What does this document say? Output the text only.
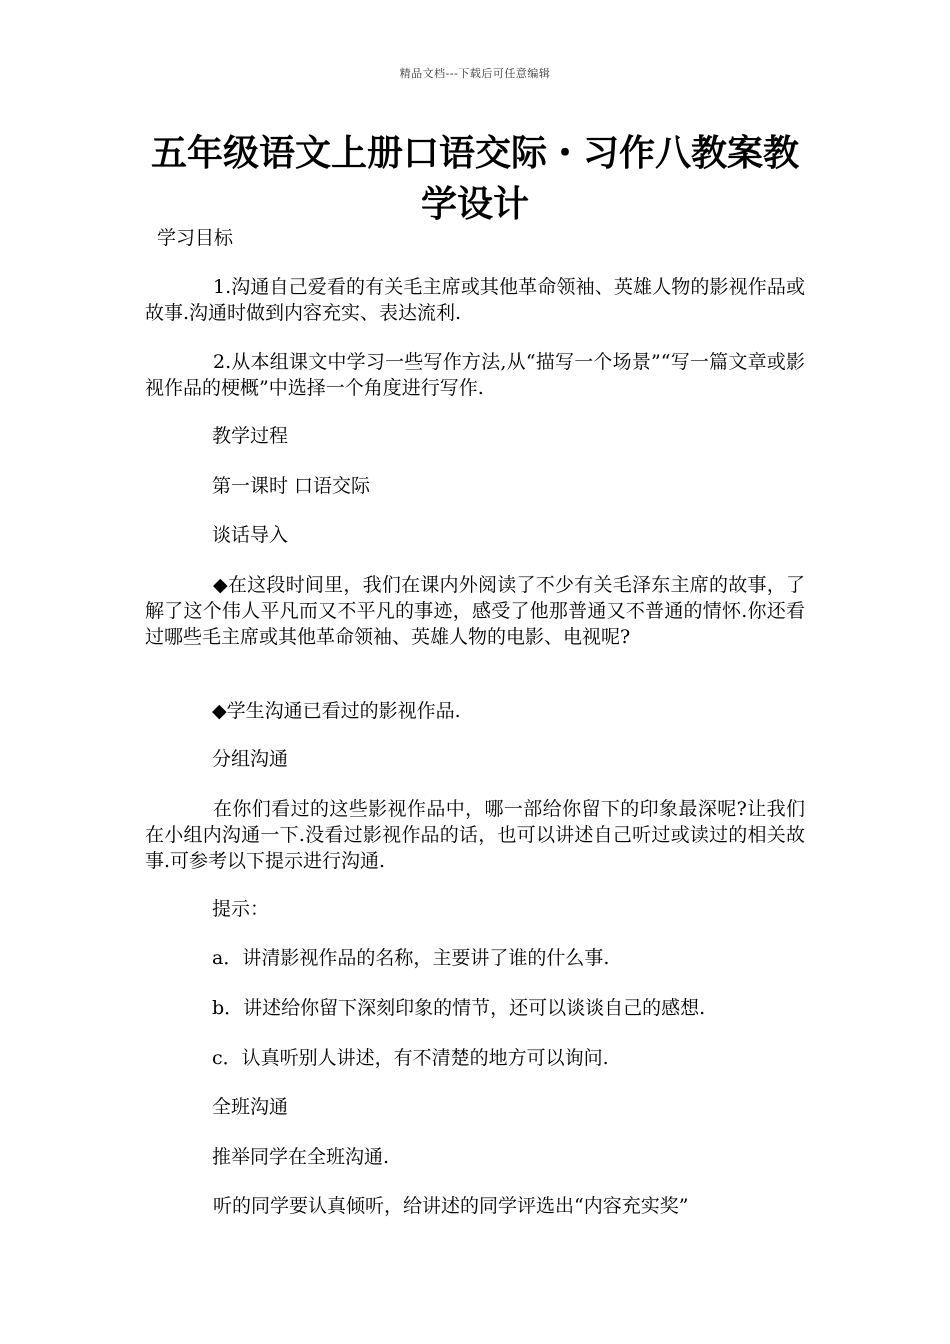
精品文档---下载后可任意编辑
五年级语文上册口语交际・习作八教案教学设计

学习目标

1.沟通自己爱看的有关毛主席或其他革命领袖、英雄人物的影视作品或故事.沟通时做到内容充实、表达流利.

2.从本组课文中学习一些写作方法,从“描写一个场景”“写一篇文章或影视作品的梗概”中选择一个角度进行写作.

教学过程

第一课时 口语交际

谈话导入

◆在这段时间里，我们在课内外阅读了不少有关毛泽东主席的故事，了解了这个伟人平凡而又不平凡的事迹，感受了他那普通又不普通的情怀.你还看过哪些毛主席或其他革命领袖、英雄人物的电影、电视呢?

◆学生沟通已看过的影视作品.

分组沟通

在你们看过的这些影视作品中，哪一部给你留下的印象最深呢?让我们在小组内沟通一下.没看过影视作品的话，也可以讲述自己听过或读过的相关故事.可参考以下提示进行沟通.

提示：

a．讲清影视作品的名称，主要讲了谁的什么事.

b．讲述给你留下深刻印象的情节，还可以谈谈自己的感想.

c．认真听别人讲述，有不清楚的地方可以询问.

全班沟通

推举同学在全班沟通.

听的同学要认真倾听，给讲述的同学评选出“内容充实奖”
